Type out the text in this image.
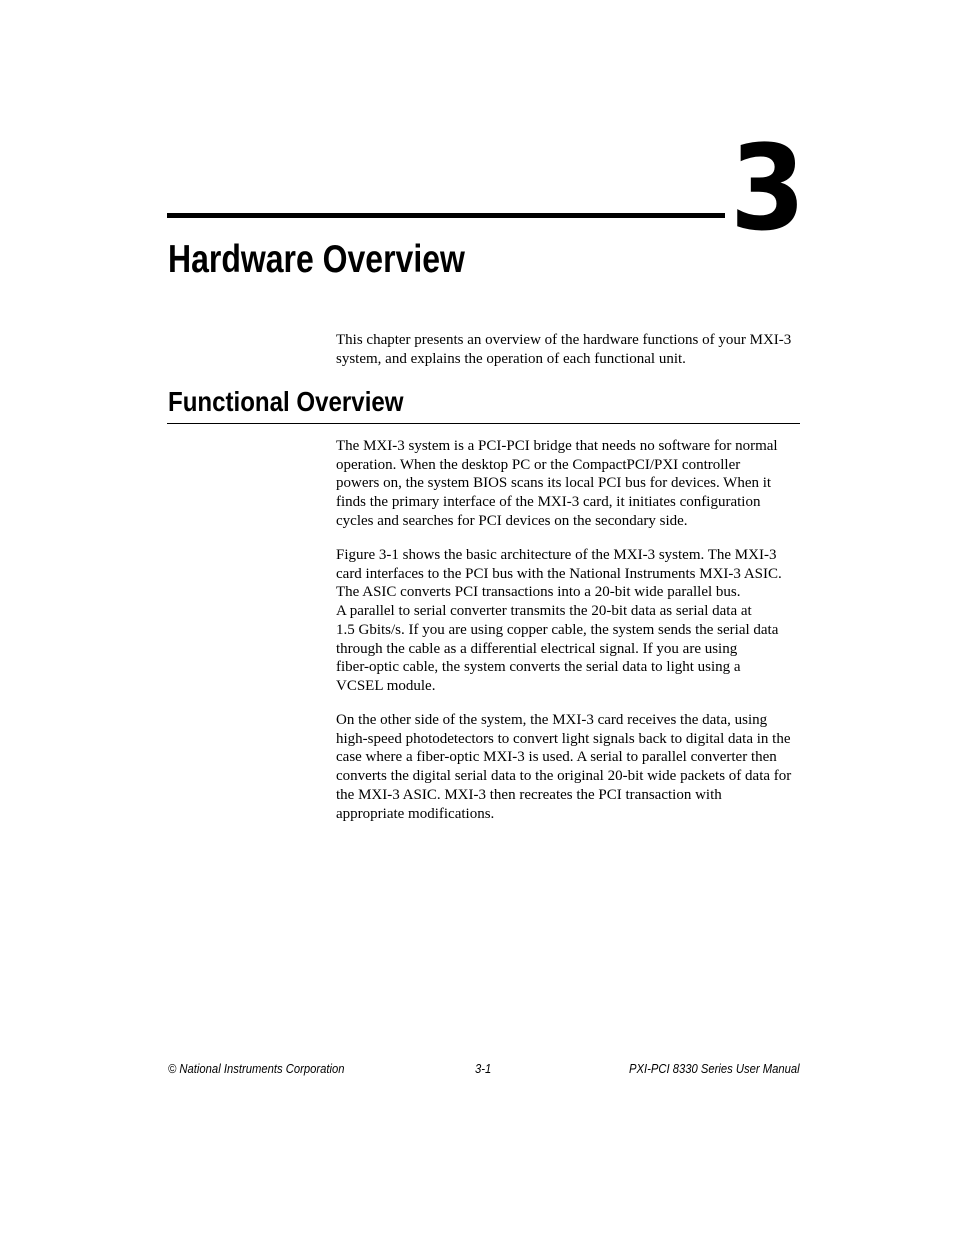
3
Hardware Overview

This chapter presents an overview of the hardware functions of your MXI-3
system, and explains the operation of each functional unit.

Functional Overview

The MXI-3 system is a PCI-PCI bridge that needs no software for normal
operation. When the desktop PC or the CompactPCI/PXI controller
powers on, the system BIOS scans its local PCI bus for devices. When it
finds the primary interface of the MXI-3 card, it initiates configuration
cycles and searches for PCI devices on the secondary side.

Figure 3-1 shows the basic architecture of the MXI-3 system. The MXI-3
card interfaces to the PCI bus with the National Instruments MXI-3 ASIC.
The ASIC converts PCI transactions into a 20-bit wide parallel bus.
A parallel to serial converter transmits the 20-bit data as serial data at
1.5 Gbits/s. If you are using copper cable, the system sends the serial data
through the cable as a differential electrical signal. If you are using
fiber-optic cable, the system converts the serial data to light using a
VCSEL module.

On the other side of the system, the MXI-3 card receives the data, using
high-speed photodetectors to convert light signals back to digital data in the
case where a fiber-optic MXI-3 is used. A serial to parallel converter then
converts the digital serial data to the original 20-bit wide packets of data for
the MXI-3 ASIC. MXI-3 then recreates the PCI transaction with
appropriate modifications.

© National Instruments Corporation	3-1	PXI-PCI 8330 Series User Manual
